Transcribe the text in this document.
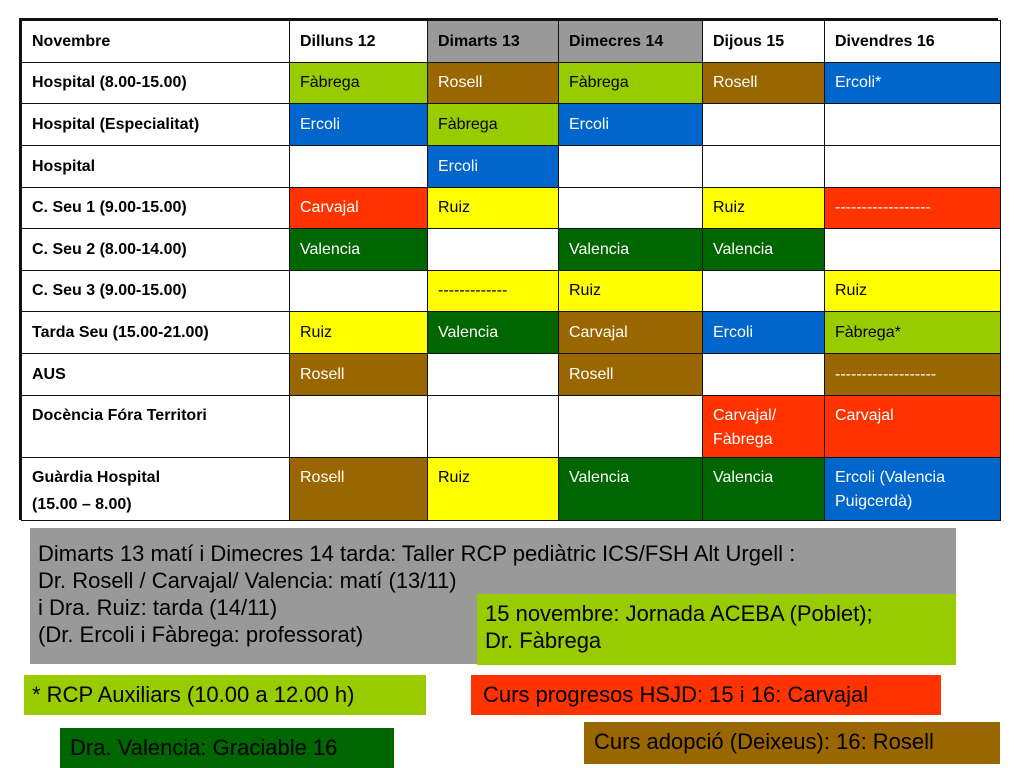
Novembre	Dilluns 12	Dimarts 13	Dimecres 14	Dijous 15	Divendres 16

Hospital (8.00-15.00)	Fàbrega	Rosell	Fàbrega	Rosell	Ercoli*

Hospital (Especialitat)	Ercoli	Fàbrega	Ercoli		

Hospital		Ercoli			

C. Seu 1 (9.00-15.00)	Carvajal	Ruiz		Ruiz	------------------

C. Seu 2 (8.00-14.00)	Valencia		Valencia	Valencia	

C. Seu 3 (9.00-15.00)		-------------	Ruiz		Ruiz

Tarda Seu (15.00-21.00)	Ruiz	Valencia	Carvajal	Ercoli	Fàbrega*

AUS	Rosell		Rosell		-------------------

Docència Fóra Territori				Carvajal/
Fàbrega	Carvajal

Guàrdia Hospital
(15.00 – 8.00)	Rosell	Ruiz	Valencia	Valencia	Ercoli (Valencia
Puigcerdà)
Dimarts 13 matí i Dimecres 14 tarda: Taller RCP pediàtric ICS/FSH Alt Urgell :
Dr. Rosell / Carvajal/ Valencia: matí (13/11)
i Dra. Ruiz: tarda (14/11)
(Dr. Ercoli i Fàbrega: professorat)
15 novembre: Jornada ACEBA (Poblet);
Dr. Fàbrega
* RCP Auxiliars (10.00 a 12.00 h)	Curs progresos HSJD: 15 i 16: Carvajal
Dra. Valencia: Graciable 16	Curs adopció (Deixeus): 16: Rosell
